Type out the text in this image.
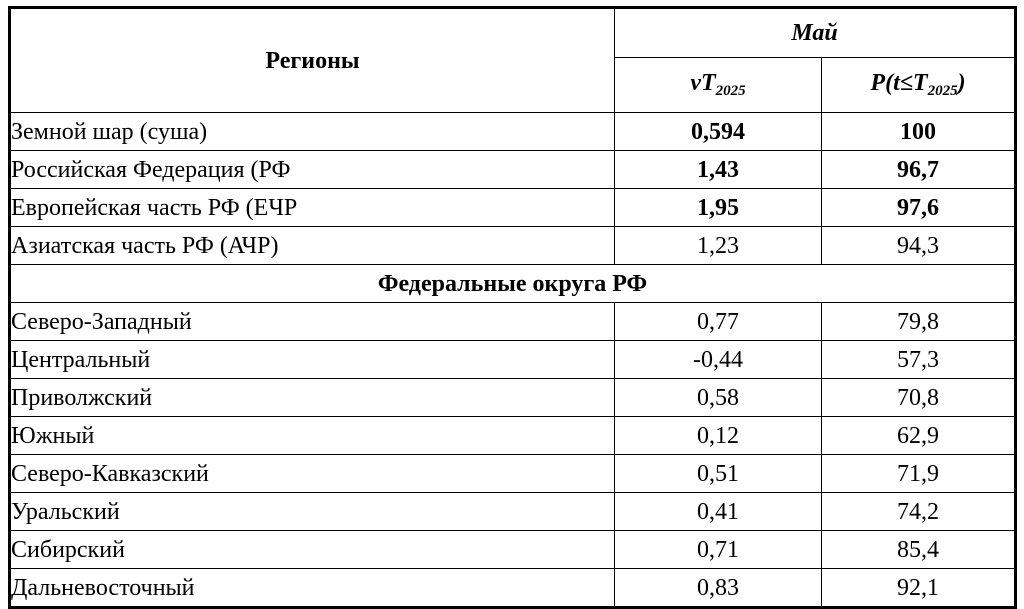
Регионы	Май	
	$vT_{2025}$	$P(t\le T_{2025})$
Земной шар (суша)	0,594	100
Российская Федерация (РФ	1,43	96,7
Европейская часть РФ (ЕЧР	1,95	97,6
Азиатская часть РФ (АЧР)	1,23	94,3
Федеральные округа РФ		
Северо-Западный	0,77	79,8
Центральный	-0,44	57,3
Приволжский	0,58	70,8
Южный	0,12	62,9
Северо-Кавказский	0,51	71,9
Уральский	0,41	74,2
Сибирский	0,71	85,4
Дальневосточный	0,83	92,1
